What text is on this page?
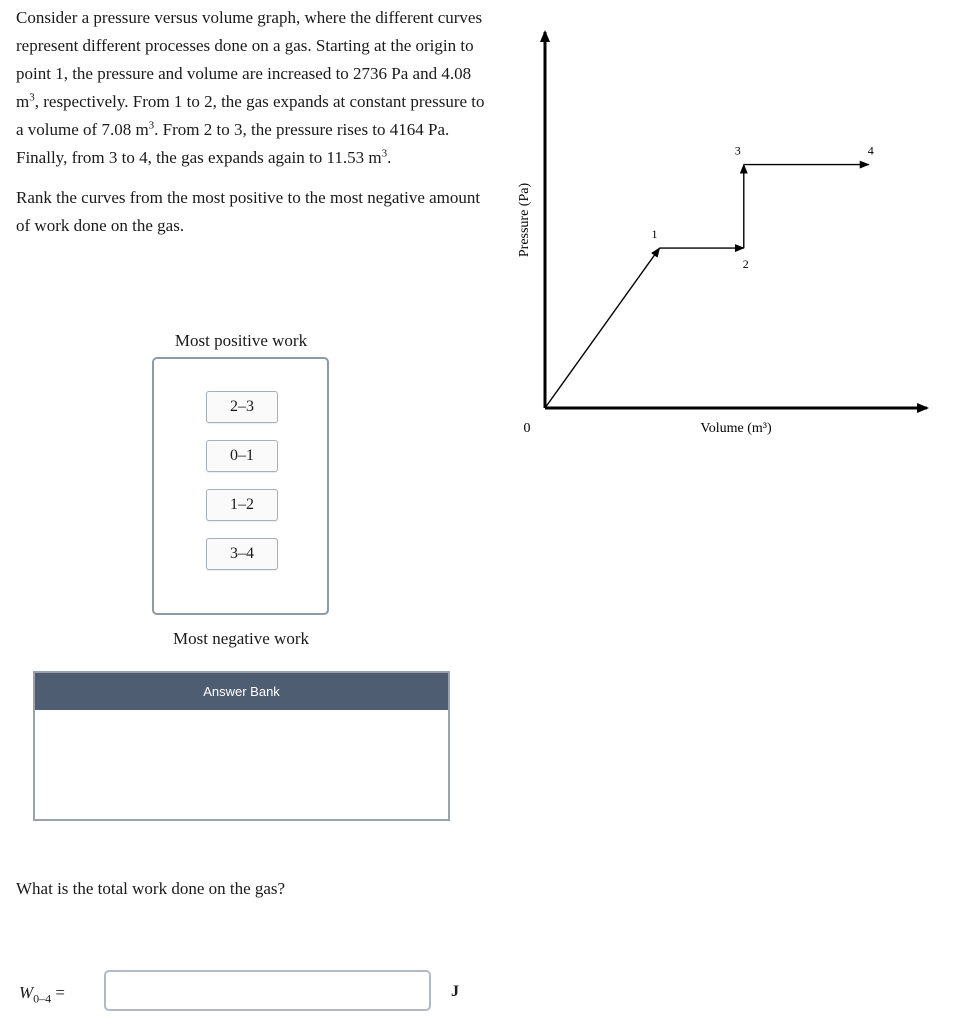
Consider a pressure versus volume graph, where the different curves represent different processes done on a gas. Starting at the origin to point 1, the pressure and volume are increased to 2736 Pa and 4.08 $m^3$, respectively. From 1 to 2, the gas expands at constant pressure to a volume of 7.08 $m^3$. From 2 to 3, the pressure rises to 4164 Pa. Finally, from 3 to 4, the gas expands again to 11.53 $m^3$.

Rank the curves from the most positive to the most negative amount of work done on the gas.

Most positive work
2–3
0–1
1–2
3–4
Most negative work
Answer Bank
What is the total work done on the gas?
$W_{0-4}$ =	J
1
2
3	4
0	Volume (m³)
Pressure (Pa)
